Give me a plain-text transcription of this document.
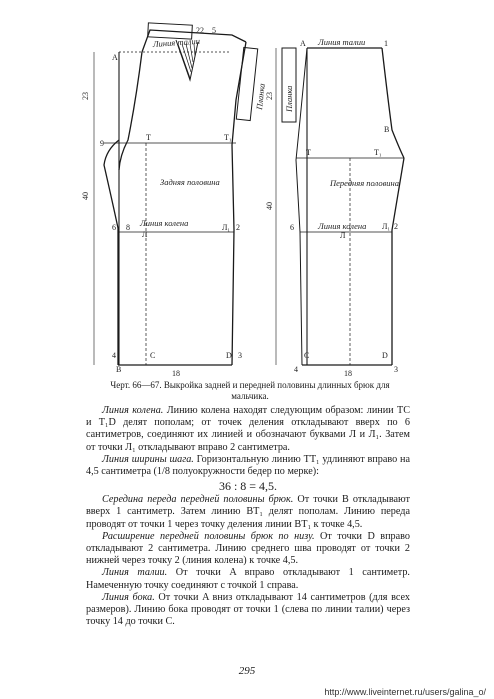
Линия талии
Задняя половина
Линия колена
Планка
23
40
18
22 5
А
9
T	T₁
6 8	Л₁ 2
C	D
4	3
Л
B
Линия талии
Передняя половина
Линия колена
Планка
23
40
18
А	1
T	T₁
6	Л₁ 2
Л
C	D
4	3
B
Черт. 66—67. Выкройка задней и передней половины длинных брюк для мальчика.

Линия колена. Линию колена находят следующим образом: линии TC и T₁D делят пополам; от точек деления откладывают вверх по 6 сантиметров, соединяют их линией и обозначают буквами Л и Л₁. Затем от точки Л₁ откладывают вправо 2 сантиметра.

Линия ширины шага. Горизонтальную линию TT₁ удлиняют вправо на 4,5 сантиметра (1/8 полуокружности бедер по мерке):

36 : 8 = 4,5.

Середина переда передней половины брюк. От точки B откладывают вверх 1 сантиметр. Затем линию BT₁ делят пополам. Линию переда проводят от точки 1 через точку деления линии BT₁ к точке 4,5.

Расширение передней половины брюк по низу. От точки D вправо откладывают 2 сантиметра. Линию среднего шва проводят от точки 2 нижней через точку 2 (линия колена) к точке 4,5.

Линия талии. От точки A вправо откладывают 1 сантиметр. Намеченную точку соединяют с точкой 1 справа.

Линия бока. От точки A вниз откладывают 14 сантиметров (для всех размеров). Линию бока проводят от точки 1 (слева по линии талии) через точку 14 до точки C.

295
http://www.liveinternet.ru/users/galina_o/
